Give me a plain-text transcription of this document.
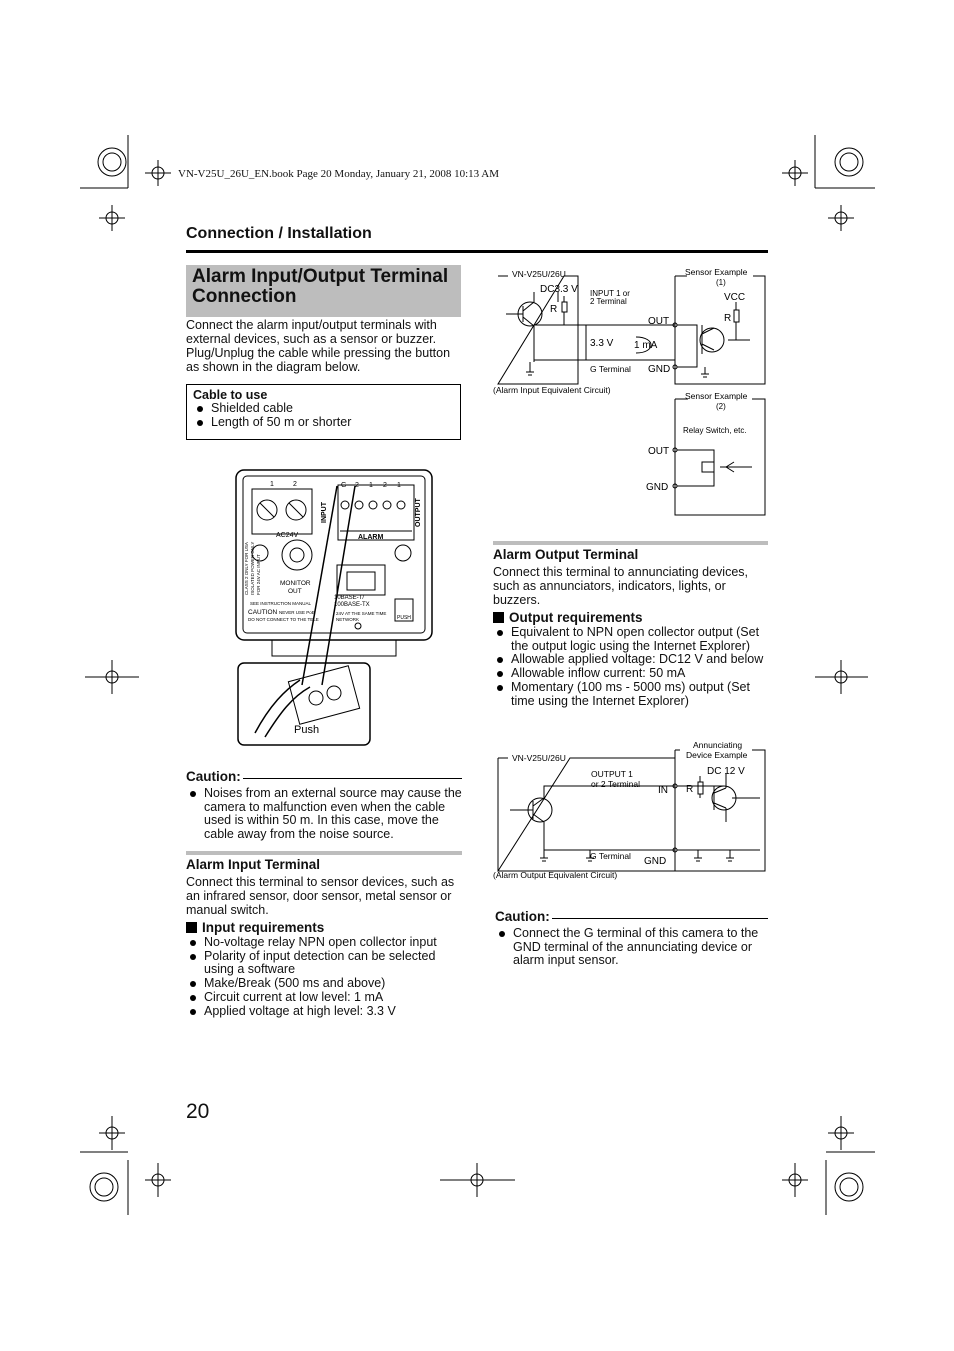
VN-V25U_26U_EN.book Page 20 Monday, January 21, 2008 10:13 AM
Connection / Installation
Alarm Input/Output Terminal Connection
Connect the alarm input/output terminals with external devices, such as a sensor or buzzer. Plug/Unplug the cable while pressing the button as shown in the diagram below.
Cable to use
Shielded cable
Length of 50 m or shorter
1	2	G 2 1 2 1
INPUT	OUTPUT
ALARM
AC24V
MONITOR
OUT
10BASE-T/
100BASE-TX
CLASS 2 ONLY FOR USA ISOLATED POWER ONLY FOR 24V AC INPUT
SEE INSTRUCTION MANUAL
CAUTION NEVER USE PoE
DO NOT CONNECT TO THE TELE
24V AT THE SAME TIME
NETWORK	PUSH
Push
Caution:
Noises from an external source may cause the camera to malfunction even when the cable used is within 50 m. In this case, move the cable away from the noise source.
Alarm Input Terminal
Connect this terminal to sensor devices, such as an infrared sensor, door sensor, metal sensor or manual switch.
Input requirements
No-voltage relay NPN open collector input
Polarity of input detection can be selected using a software
Make/Break (500 ms and above)
Circuit current at low level: 1 mA
Applied voltage at high level: 3.3 V
VN-V25U/26U
DC3.3 V
R
INPUT 1 or
2 Terminal
3.3 V 1 mA
G Terminal
OUT
GND
Sensor Example
(1)
VCC
R
(Alarm Input Equivalent Circuit)
Sensor Example
(2)
Relay Switch, etc.
OUT
GND
Alarm Output Terminal
Connect this terminal to annunciating devices, such as annunciators, indicators, lights, or buzzers.
Output requirements
Equivalent to NPN open collector output (Set the output logic using the Internet Explorer)
Allowable applied voltage: DC12 V and below
Allowable inflow current: 50 mA
Momentary (100 ms - 5000 ms) output (Set time using the Internet Explorer)
VN-V25U/26U
OUTPUT 1
or 2 Terminal
IN R
DC 12 V
Annunciating
Device Example
G Terminal GND
(Alarm Output Equivalent Circuit)
Caution:
Connect the G terminal of this camera to the GND terminal of the annunciating device or alarm input sensor.
20
